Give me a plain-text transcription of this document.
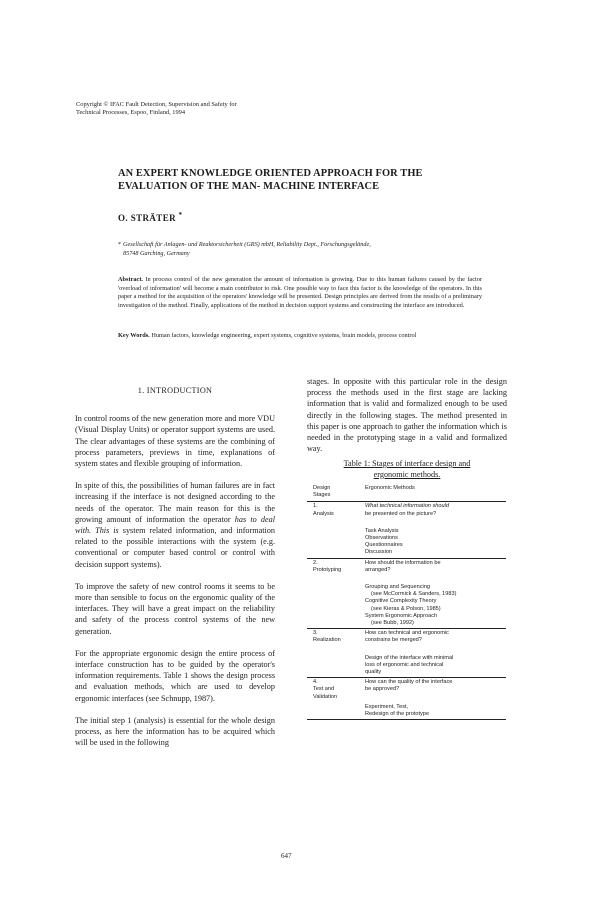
Copyright © IFAC Fault Detection, Supervision and Safety for
Technical Processes, Espoo, Finland, 1994
AN EXPERT KNOWLEDGE ORIENTED APPROACH FOR THE
EVALUATION OF THE MAN- MACHINE INTERFACE
O. STRÄTER *
* Gesellschaft für Anlagen- und Reaktorsicherheit (GRS) mbH, Reliability Dept., Forschungsgelände,
85748 Garching, Germany
Abstract. In process control of the new generation the amount of information is growing. Due to this human failures caused by the factor 'overload of information' will become a main contributor to risk. One possible way to face this factor is the knowledge of the operators. In this paper a method for the acquisition of the operators' knowledge will be presented. Design principles are derived from the results of a preliminary investigation of the method. Finally, applications of the method in decision support systems and constructing the interface are introduced.
Key Words. Human factors, knowledge engineering, expert systems, cognitive systems, brain models, process control
1. INTRODUCTION

In control rooms of the new generation more and more VDU (Visual Display Units) or operator support systems are used. The clear advantages of these systems are the combining of process parameters, previews in time, explanations of system states and flexible grouping of information.

In spite of this, the possibilities of human failures are in fact increasing if the interface is not designed according to the needs of the operator. The main reason for this is the growing amount of information the operator has to deal with. This is system related information, and information related to the possible interactions with the system (e.g. conventional or computer based control or control with decision support systems).

To improve the safety of new control rooms it seems to be more than sensible to focus on the ergonomic quality of the interfaces. They will have a great impact on the reliability and safety of the process control systems of the new generation.

For the appropriate ergonomic design the entire process of interface construction has to be guided by the operator's information requirements. Table 1 shows the design process and evaluation methods, which are used to develop ergonomic interfaces (see Schnupp, 1987).

The initial step 1 (analysis) is essential for the whole design process, as here the information has to be acquired which will be used in the following

stages. In opposite with this particular role in the design process the methods used in the first stage are lacking information that is valid and formalized enough to be used directly in the following stages. The method presented in this paper is one approach to gather the information which is needed in the prototyping stage in a valid and formalized way.

Table 1: Stages of interface design and
ergonomic methods.
Design
Stages
Ergonomic Methods
1.
Analysis
What technical information should
be presented on the picture?
Task Analysis
Observations
Questionnaires
Discussion
2.
Prototyping
How should the information be
arranged?
Grouping and Sequencing
(see McCormick & Sanders, 1983)
Cognitive Complexity Theory
(see Kieras & Polson, 1985)
System Ergonomic Approach
(see Bubb, 1992)
3.
Realization
How can technical and ergonomic
constrains be merged?
Design of the interface with minimal
loss of ergonomic and technical
quality
4.
Test and
Validation
How can the quality of the interface
be approved?
Experiment, Test,
Redesign of the prototype
647
